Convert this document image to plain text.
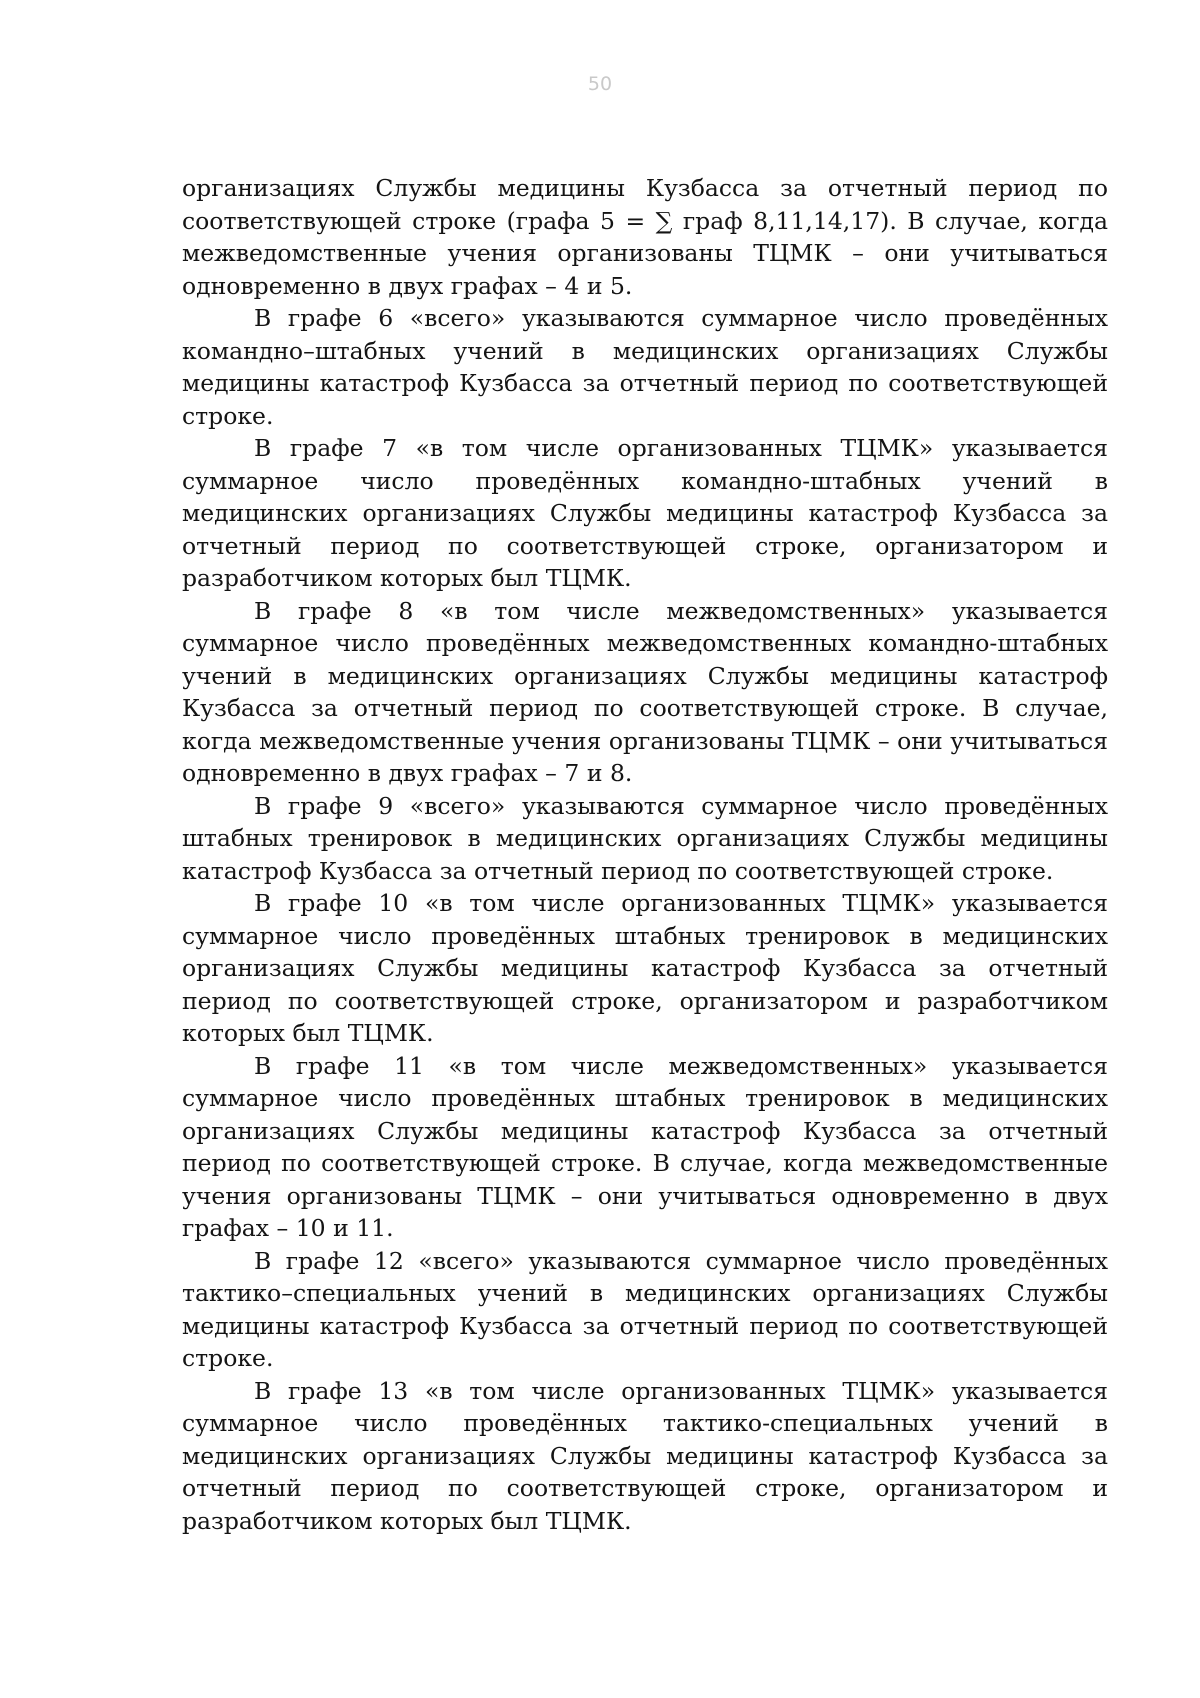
50

организациях Службы медицины Кузбасса за отчетный период по соответствующей строке (графа 5 = ∑ граф 8,11,14,17). В случае, когда межведомственные учения организованы ТЦМК – они учитываться одновременно в двух графах – 4 и 5.

В графе 6 «всего» указываются суммарное число проведённых командно–штабных учений в медицинских организациях Службы медицины катастроф Кузбасса за отчетный период по соответствующей строке.

В графе 7 «в том числе организованных ТЦМК» указывается суммарное число проведённых командно-штабных учений в медицинских организациях Службы медицины катастроф Кузбасса за отчетный период по соответствующей строке, организатором и разработчиком которых был ТЦМК.

В графе 8 «в том числе межведомственных» указывается суммарное число проведённых межведомственных командно-штабных учений в медицинских организациях Службы медицины катастроф Кузбасса за отчетный период по соответствующей строке. В случае, когда межведомственные учения организованы ТЦМК – они учитываться одновременно в двух графах – 7 и 8.

В графе 9 «всего» указываются суммарное число проведённых штабных тренировок в медицинских организациях Службы медицины катастроф Кузбасса за отчетный период по соответствующей строке.

В графе 10 «в том числе организованных ТЦМК» указывается суммарное число проведённых штабных тренировок в медицинских организациях Службы медицины катастроф Кузбасса за отчетный период по соответствующей строке, организатором и разработчиком которых был ТЦМК.

В графе 11 «в том числе межведомственных» указывается суммарное число проведённых штабных тренировок в медицинских организациях Службы медицины катастроф Кузбасса за отчетный период по соответствующей строке. В случае, когда межведомственные учения организованы ТЦМК – они учитываться одновременно в двух графах – 10 и 11.

В графе 12 «всего» указываются суммарное число проведённых тактико–специальных учений в медицинских организациях Службы медицины катастроф Кузбасса за отчетный период по соответствующей строке.

В графе 13 «в том числе организованных ТЦМК» указывается суммарное число проведённых тактико-специальных учений в медицинских организациях Службы медицины катастроф Кузбасса за отчетный период по соответствующей строке, организатором и разработчиком которых был ТЦМК.
